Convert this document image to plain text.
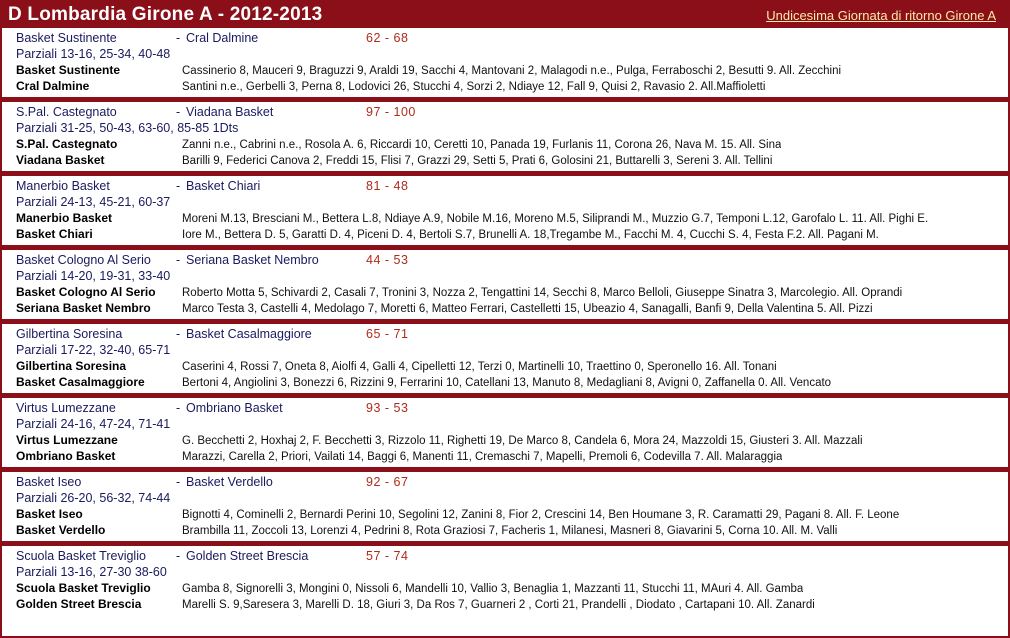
D Lombardia Girone A - 2012-2013	Undicesima Giornata di ritorno Girone A
Basket Sustinente	- Cral Dalmine	62 - 68
Parziali 13-16, 25-34, 40-48
Basket Sustinente	Cassinerio 8, Mauceri 9, Braguzzi 9, Araldi 19, Sacchi 4, Mantovani 2, Malagodi n.e., Pulga, Ferraboschi 2, Besutti 9. All. Zecchini
Cral Dalmine	Santini n.e., Gerbelli 3, Perna 8, Lodovici 26, Stucchi 4, Sorzi 2, Ndiaye 12, Fall 9, Quisi 2, Ravasio 2. All.Maffioletti
S.Pal. Castegnato	- Viadana Basket	97 - 100
Parziali 31-25, 50-43, 63-60, 85-85 1Dts
S.Pal. Castegnato	Zanni n.e., Cabrini n.e., Rosola A. 6, Riccardi 10, Ceretti 10, Panada 19, Furlanis 11, Corona 26, Nava M. 15. All. Sina
Viadana Basket	Barilli 9, Federici Canova 2, Freddi 15, Flisi 7, Grazzi 29, Setti 5, Prati 6, Golosini 21, Buttarelli 3, Sereni 3. All. Tellini
Manerbio Basket	- Basket Chiari	81 - 48
Parziali 24-13, 45-21, 60-37
Manerbio Basket	Moreni M.13, Bresciani M., Bettera L.8, Ndiaye A.9, Nobile M.16, Moreno M.5, Siliprandi M., Muzzio G.7, Temponi L.12, Garofalo L. 11. All. Pighi E.
Basket Chiari	Iore M., Bettera D. 5, Garatti D. 4, Piceni D. 4, Bertoli S.7, Brunelli A. 18,Tregambe M., Facchi M. 4, Cucchi S. 4, Festa F.2. All. Pagani M.
Basket Cologno Al Serio	- Seriana Basket Nembro	44 - 53
Parziali 14-20, 19-31, 33-40
Basket Cologno Al Serio	Roberto Motta 5, Schivardi 2, Casali 7, Tronini 3, Nozza 2, Tengattini 14, Secchi 8, Marco Belloli, Giuseppe Sinatra 3, Marcolegio. All. Oprandi
Seriana Basket Nembro	Marco Testa 3, Castelli 4, Medolago 7, Moretti 6, Matteo Ferrari, Castelletti 15, Ubeazio 4, Sanagalli, Banfi 9, Della Valentina 5. All. Pizzi
Gilbertina Soresina	- Basket Casalmaggiore	65 - 71
Parziali 17-22, 32-40, 65-71
Gilbertina Soresina	Caserini 4, Rossi 7, Oneta 8, Aiolfi 4, Galli 4, Cipelletti 12, Terzi 0, Martinelli 10, Traettino 0, Speronello 16. All. Tonani
Basket Casalmaggiore	Bertoni 4, Angiolini 3, Bonezzi 6, Rizzini 9, Ferrarini 10, Catellani 13, Manuto 8, Medagliani 8, Avigni 0, Zaffanella 0. All. Vencato
Virtus Lumezzane	- Ombriano Basket	93 - 53
Parziali 24-16, 47-24, 71-41
Virtus Lumezzane	G. Becchetti 2, Hoxhaj 2, F. Becchetti 3, Rizzolo 11, Righetti 19, De Marco 8, Candela 6, Mora 24, Mazzoldi 15, Giusteri 3. All. Mazzali
Ombriano Basket	Marazzi, Carella 2, Priori, Vailati 14, Baggi 6, Manenti 11, Cremaschi 7, Mapelli, Premoli 6, Codevilla 7. All. Malaraggia
Basket Iseo	- Basket Verdello	92 - 67
Parziali 26-20, 56-32, 74-44
Basket Iseo	Bignotti 4, Cominelli 2, Bernardi Perini 10, Segolini 12, Zanini 8, Fior 2, Crescini 14, Ben Houmane 3, R. Caramatti 29, Pagani 8. All. F. Leone
Basket Verdello	Brambilla 11, Zoccoli 13, Lorenzi 4, Pedrini 8, Rota Graziosi 7, Facheris 1, Milanesi, Masneri 8, Giavarini 5, Corna 10. All. M. Valli
Scuola Basket Treviglio	- Golden Street Brescia	57 - 74
Parziali 13-16, 27-30 38-60
Scuola Basket Treviglio	Gamba 8, Signorelli 3, Mongini 0, Nissoli 6, Mandelli 10, Vallio 3, Benaglia 1, Mazzanti 11, Stucchi 11, MAuri 4. All. Gamba
Golden Street Brescia	Marelli S. 9,Saresera 3, Marelli D. 18, Giuri 3, Da Ros 7, Guarneri 2 , Corti 21, Prandelli , Diodato , Cartapani 10. All. Zanardi
